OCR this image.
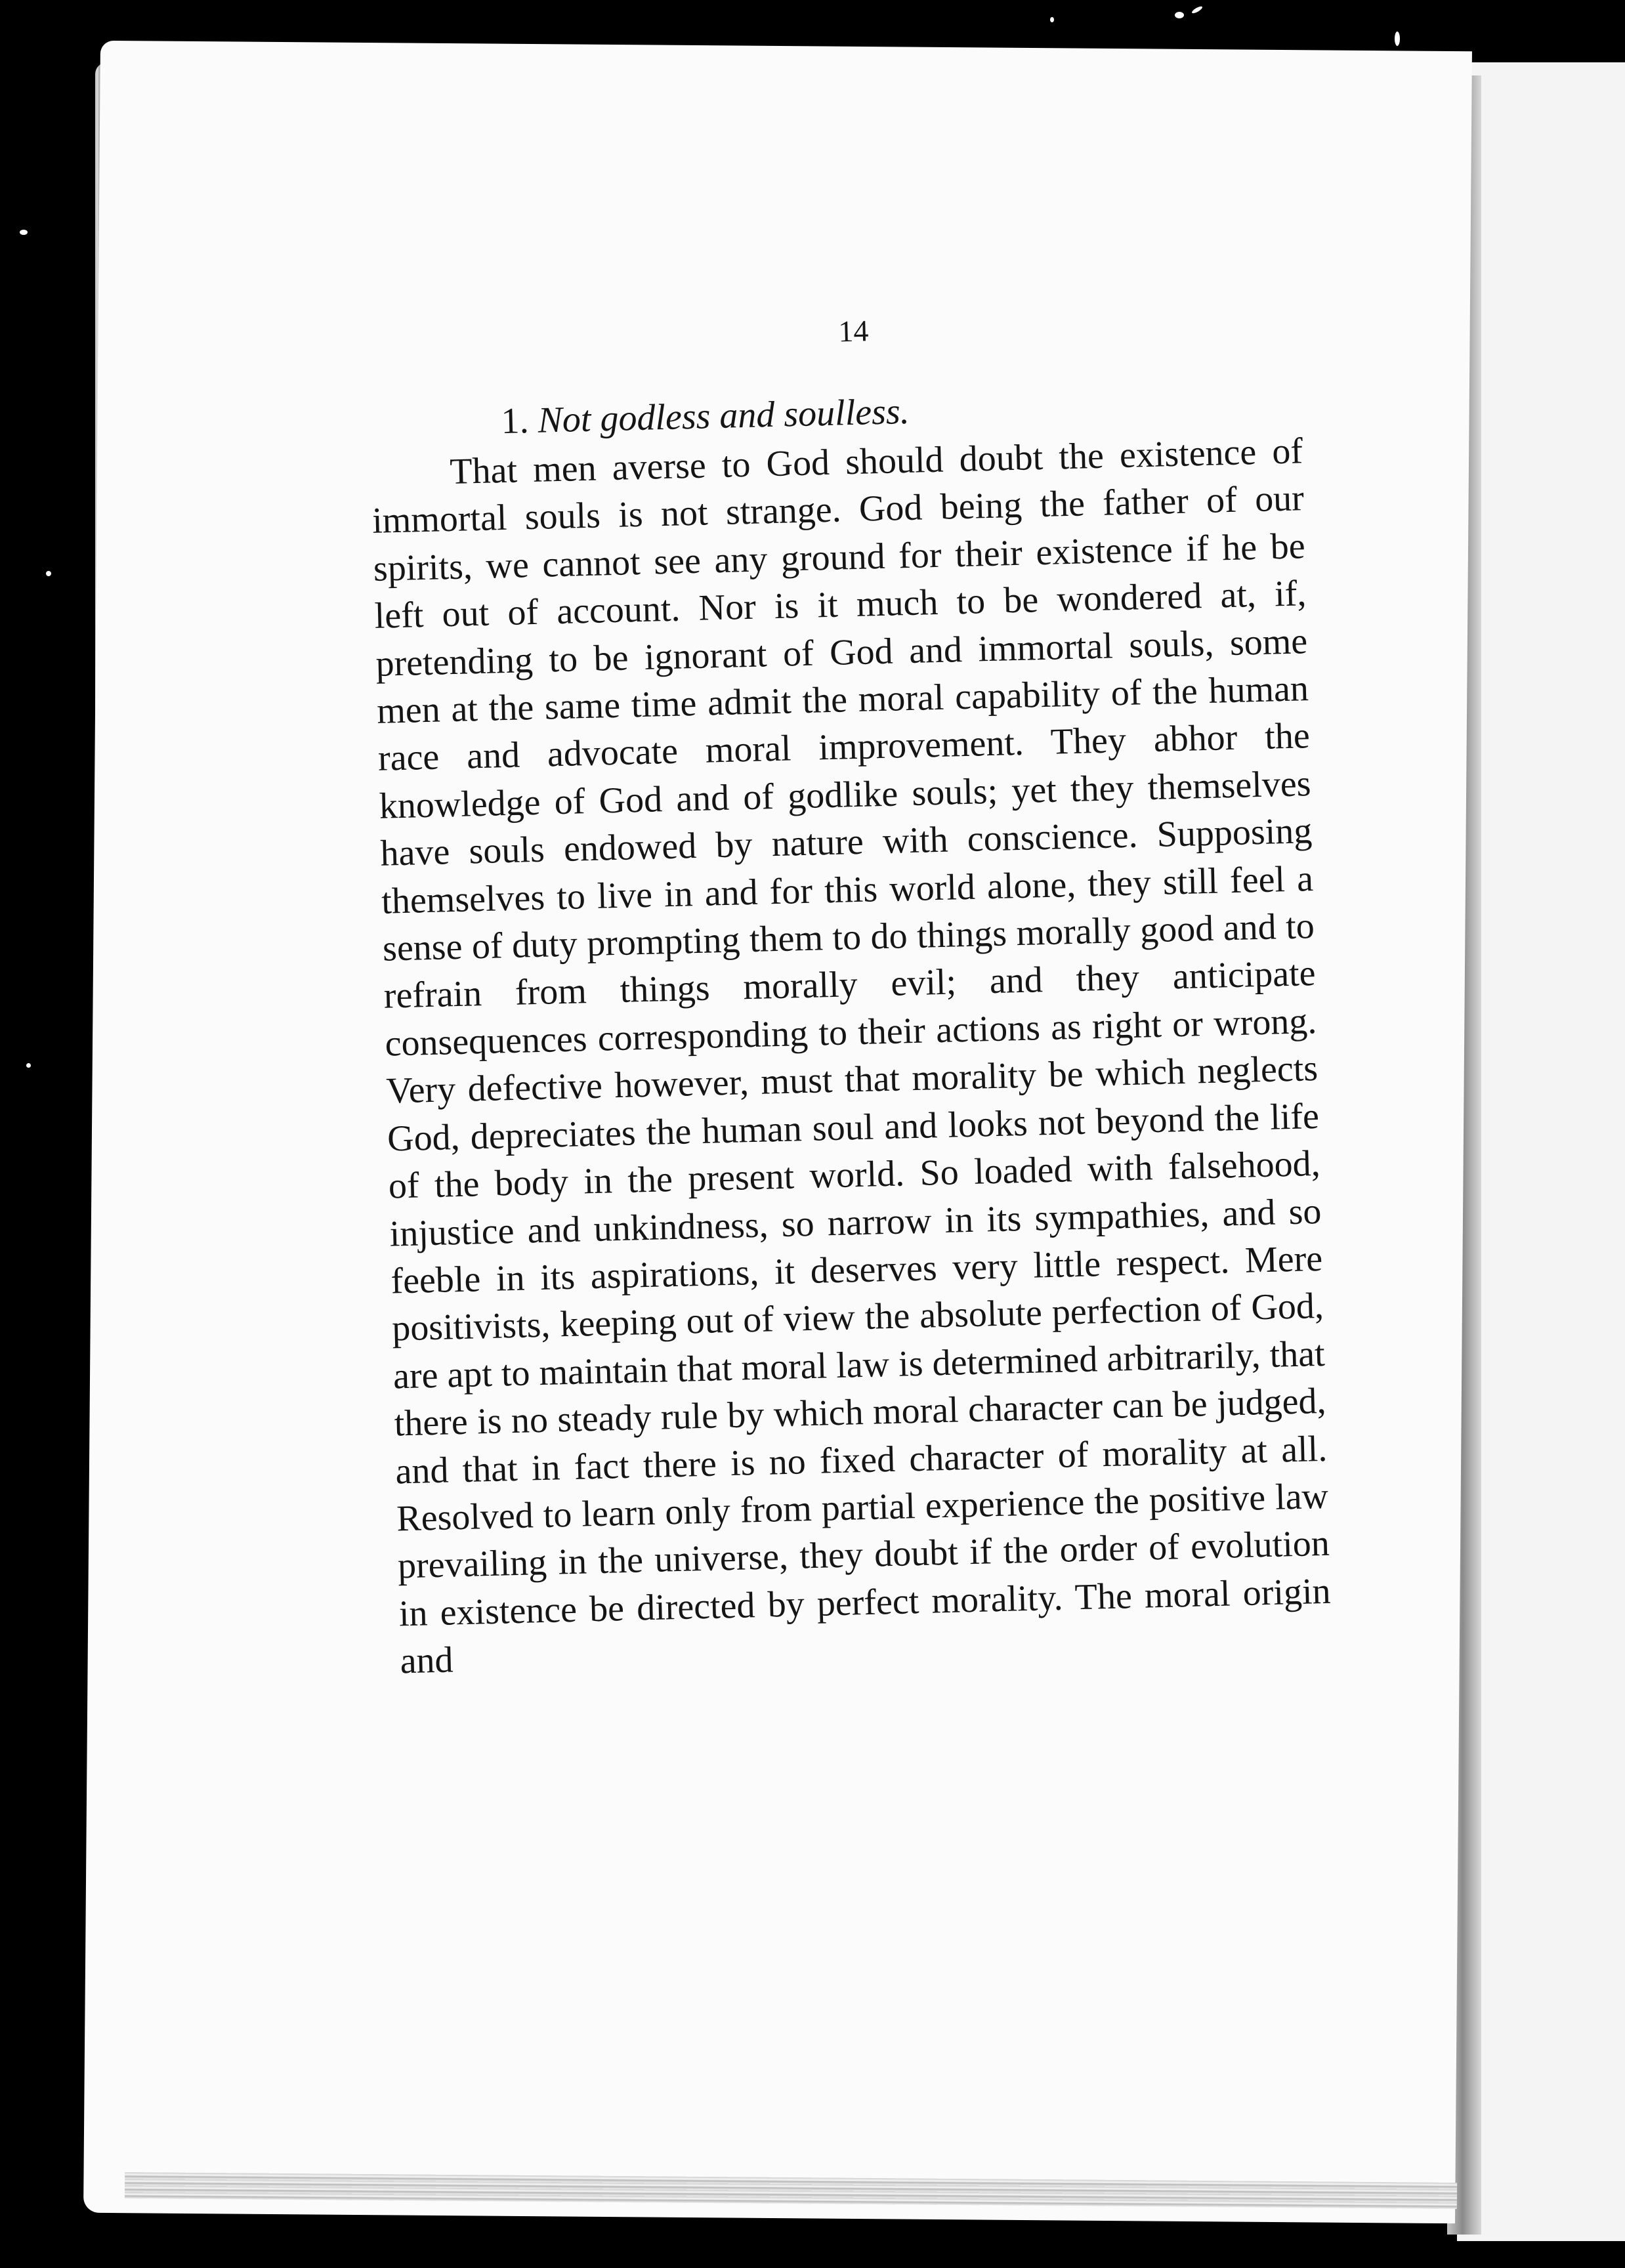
14
1. Not godless and soulless.

That men averse to God should doubt the existence of immortal souls is not strange. God being the father of our spirits, we cannot see any ground for their existence if he be left out of account. Nor is it much to be wondered at, if, pretending to be ignorant of God and immortal souls, some men at the same time admit the moral capability of the human race and advocate moral improvement. They abhor the knowledge of God and of godlike souls; yet they themselves have souls endowed by nature with conscience. Supposing themselves to live in and for this world alone, they still feel a sense of duty prompting them to do things morally good and to refrain from things morally evil; and they anticipate consequences corresponding to their actions as right or wrong. Very defective however, must that morality be which neglects God, depreciates the human soul and looks not beyond the life of the body in the present world. So loaded with falsehood, injustice and unkindness, so narrow in its sympathies, and so feeble in its aspirations, it deserves very little respect. Mere positivists, keeping out of view the absolute perfection of God, are apt to maintain that moral law is determined arbitrarily, that there is no steady rule by which moral character can be judged, and that in fact there is no fixed character of morality at all. Resolved to learn only from partial experience the positive law prevailing in the universe, they doubt if the order of evolution in existence be directed by perfect morality. The moral origin and
